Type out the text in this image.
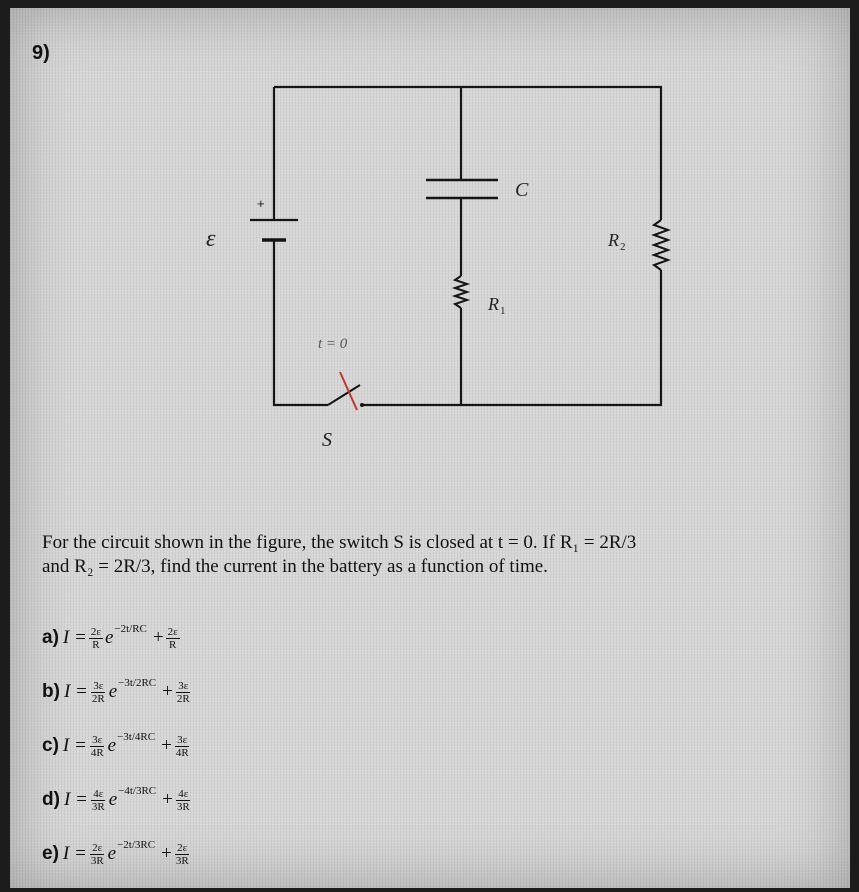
9)
+
ε
C
R 1
R 2
t = 0
S
For the circuit shown in the figure, the switch S is closed at t = 0. If R₁ = 2R/3
and R₂ = 2R/3, find the current in the battery as a function of time.
a) $I = \frac{2\varepsilon}{R}$ $e -2t/RC + \frac{2\varepsilon}{R}$
b) $I = \frac{3\varepsilon}{2R}$ $e -3t/2RC + \frac{3\varepsilon}{2R}$
c) $I = \frac{3\varepsilon}{4R}$ $e -3t/4RC + \frac{3\varepsilon}{4R}$
d) $I = \frac{4\varepsilon}{3R}$ $e -4t/3RC + \frac{4\varepsilon}{3R}$
e) $I = \frac{2\varepsilon}{3R}$ $e -2t/3RC + \frac{2\varepsilon}{3R}$
